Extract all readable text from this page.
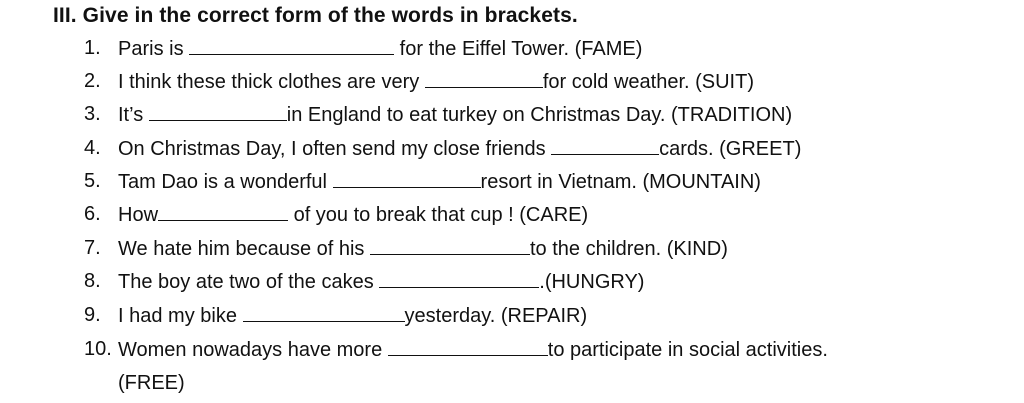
III. Give in the correct form of the words in brackets.
1. Paris is	for the Eiffel Tower. (FAME)
2. I think these thick clothes are very	for cold weather. (SUIT)
3. It’s	in England to eat turkey on Christmas Day. (TRADITION)
4. On Christmas Day, I often send my close friends	cards. (GREET)
5. Tam Dao is a wonderful	resort in Vietnam. (MOUNTAIN)
6. How	of you to break that cup ! (CARE)
7. We hate him because of his	to the children. (KIND)
8. The boy ate two of the cakes	.(HUNGRY)
9. I had my bike	yesterday. (REPAIR)
10. Women nowadays have more	to participate in social activities.
(FREE)
